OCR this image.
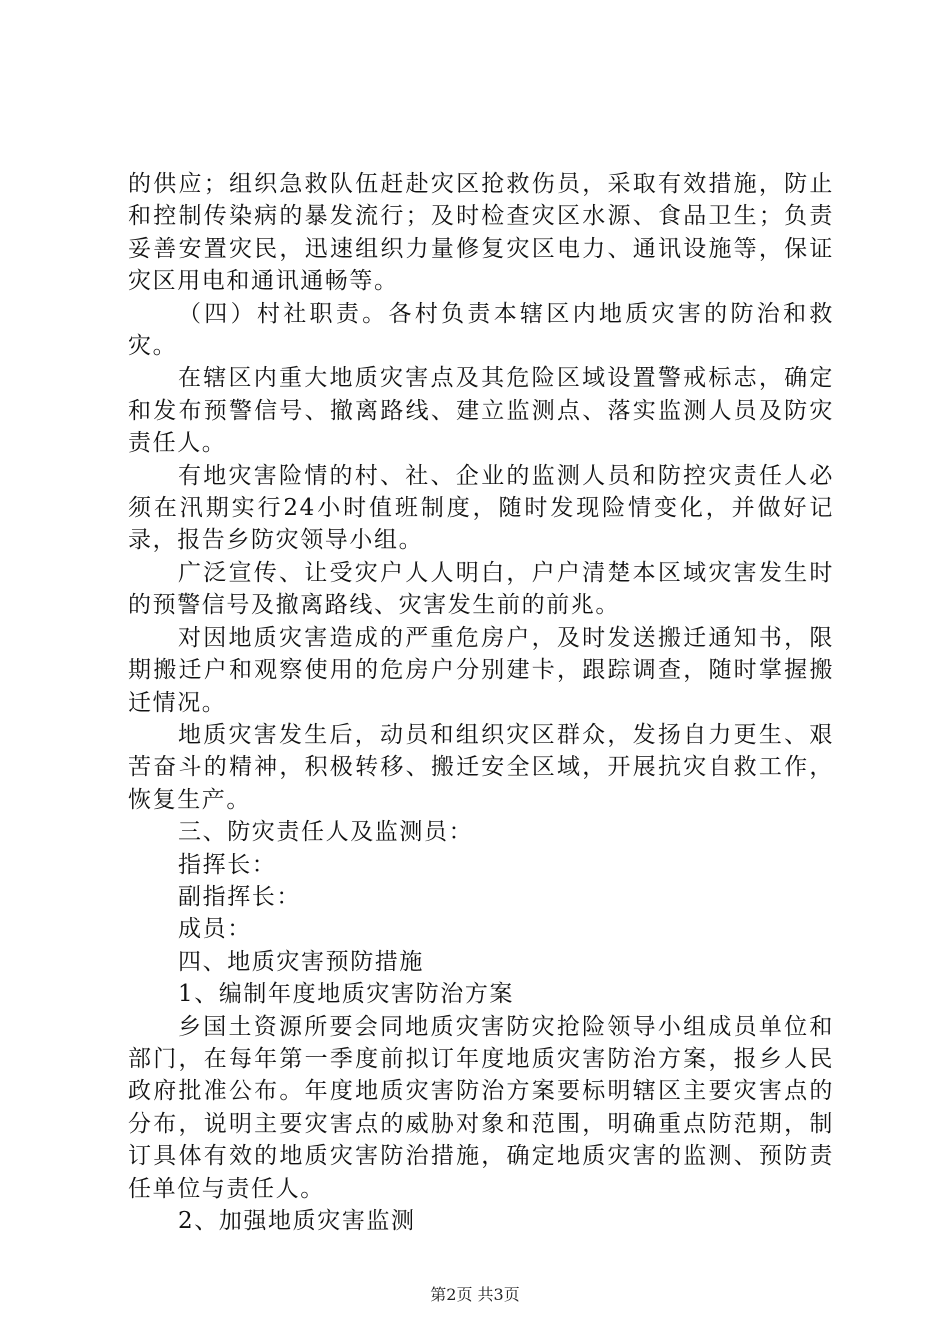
的供应；组织急救队伍赶赴灾区抢救伤员，采取有效措施，防止和控制传染病的暴发流行；及时检查灾区水源、食品卫生；负责妥善安置灾民，迅速组织力量修复灾区电力、通讯设施等，保证灾区用电和通讯通畅等。

（四）村社职责。各村负责本辖区内地质灾害的防治和救灾。

在辖区内重大地质灾害点及其危险区域设置警戒标志，确定和发布预警信号、撤离路线、建立监测点、落实监测人员及防灾责任人。

有地灾害险情的村、社、企业的监测人员和防控灾责任人必须在汛期实行24小时值班制度，随时发现险情变化，并做好记录，报告乡防灾领导小组。

广泛宣传、让受灾户人人明白，户户清楚本区域灾害发生时的预警信号及撤离路线、灾害发生前的前兆。

对因地质灾害造成的严重危房户，及时发送搬迁通知书，限期搬迁户和观察使用的危房户分别建卡，跟踪调查，随时掌握搬迁情况。

地质灾害发生后，动员和组织灾区群众，发扬自力更生、艰苦奋斗的精神，积极转移、搬迁安全区域，开展抗灾自救工作，恢复生产。

三、防灾责任人及监测员：

指挥长：

副指挥长：

成员：

四、地质灾害预防措施

1、编制年度地质灾害防治方案

乡国土资源所要会同地质灾害防灾抢险领导小组成员单位和部门，在每年第一季度前拟订年度地质灾害防治方案，报乡人民政府批准公布。年度地质灾害防治方案要标明辖区主要灾害点的分布，说明主要灾害点的威胁对象和范围，明确重点防范期，制订具体有效的地质灾害防治措施，确定地质灾害的监测、预防责任单位与责任人。

2、加强地质灾害监测

第2页 共3页
